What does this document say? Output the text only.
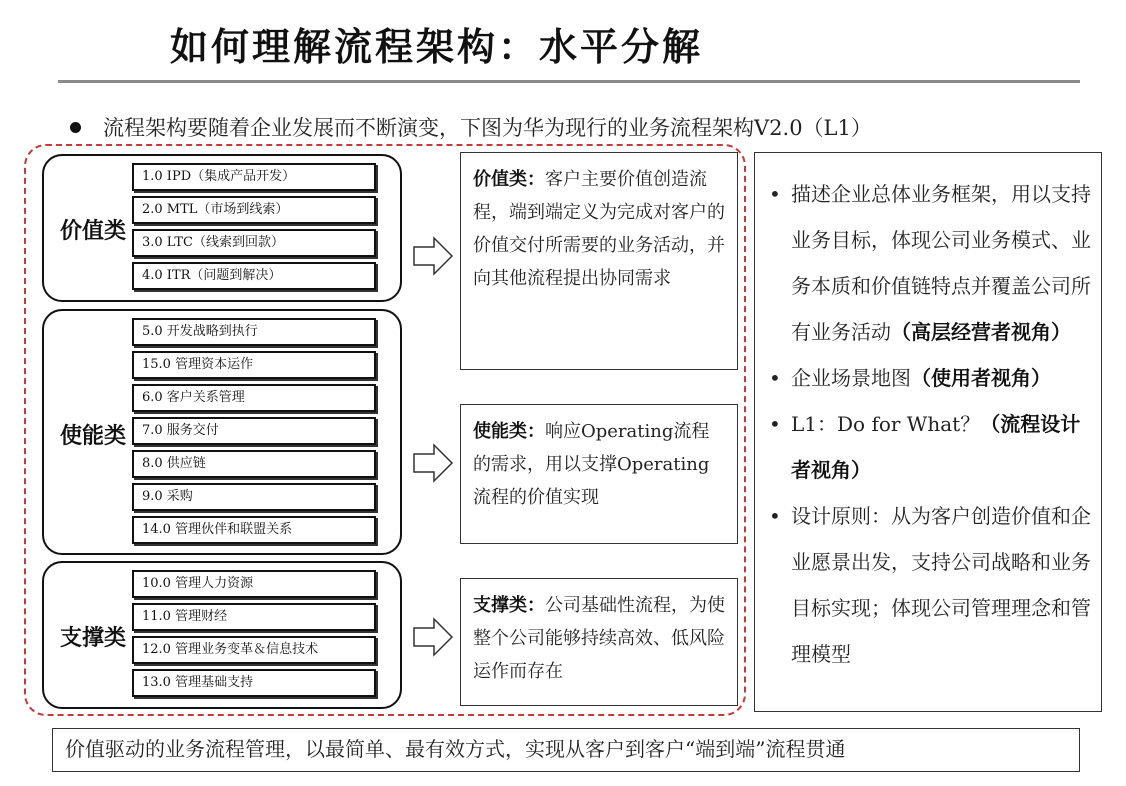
如何理解流程架构：水平分解
流程架构要随着企业发展而不断演变，下图为华为现行的业务流程架构V2.0（L1）
价值类
1.0 IPD（集成产品开发）
2.0 MTL（市场到线索）
3.0 LTC（线索到回款）
4.0 ITR（问题到解决）
使能类
5.0 开发战略到执行
15.0 管理资本运作
6.0 客户关系管理
7.0 服务交付
8.0 供应链
9.0 采购
14.0 管理伙伴和联盟关系
支撑类
10.0 管理人力资源
11.0 管理财经
12.0 管理业务变革＆信息技术
13.0 管理基础支持
价值类：客户主要价值创造流程，端到端定义为完成对客户的价值交付所需要的业务活动，并向其他流程提出协同需求
使能类：响应Operating流程的需求，用以支撑Operating流程的价值实现
支撑类：公司基础性流程，为使整个公司能够持续高效、低风险运作而存在
• 描述企业总体业务框架，用以支持业务目标，体现公司业务模式、业务本质和价值链特点并覆盖公司所有业务活动（高层经营者视角）
• 企业场景地图（使用者视角）
• L1：Do for What？（流程设计者视角）
• 设计原则：从为客户创造价值和企业愿景出发，支持公司战略和业务目标实现；体现公司管理理念和管理模型
价值驱动的业务流程管理，以最简单、最有效方式，实现从客户到客户“端到端”流程贯通
